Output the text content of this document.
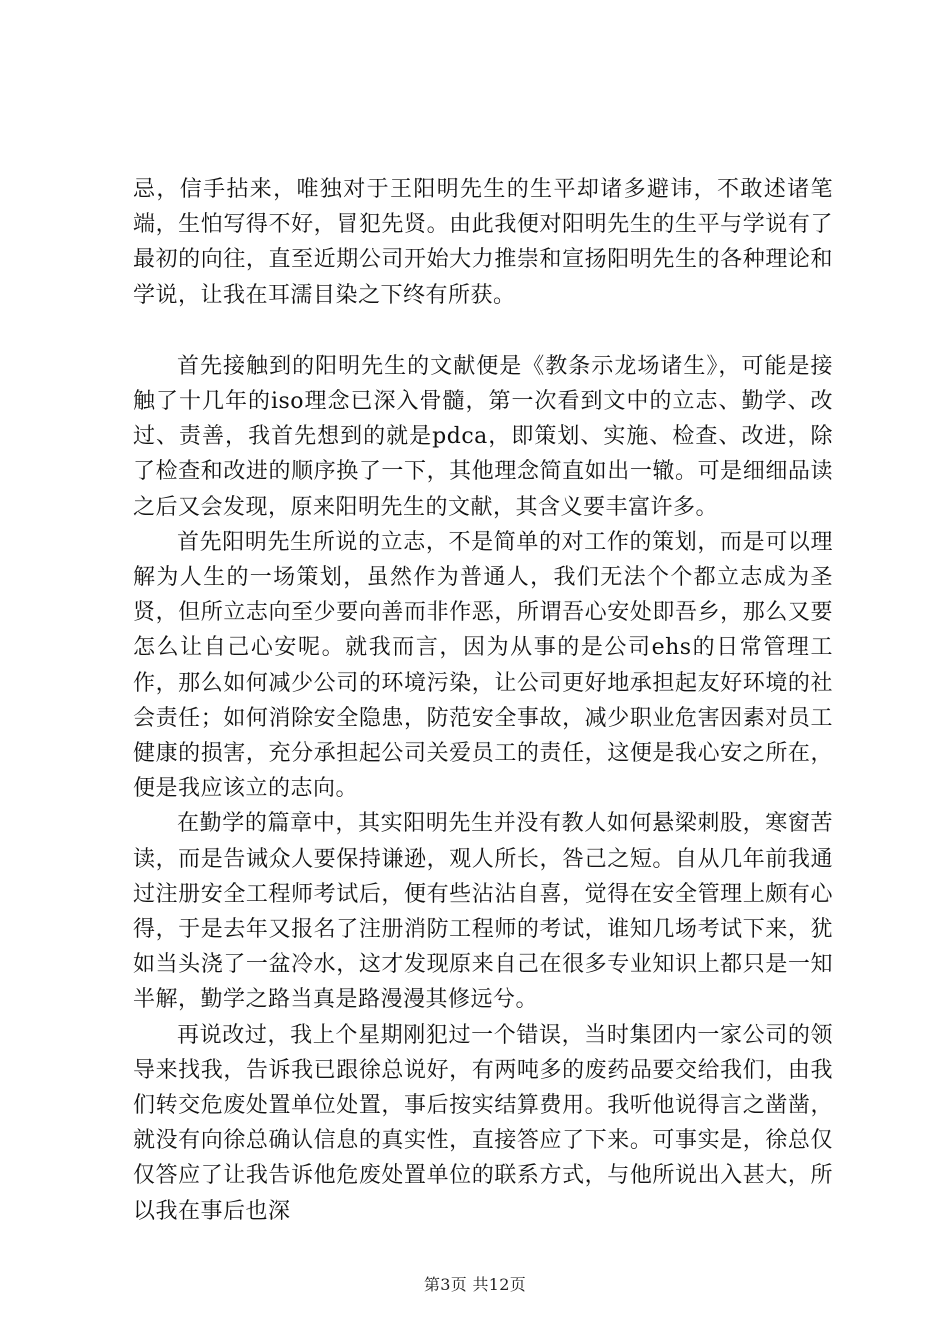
忌，信手拈来，唯独对于王阳明先生的生平却诸多避讳，不敢述诸笔端，生怕写得不好，冒犯先贤。由此我便对阳明先生的生平与学说有了最初的向往，直至近期公司开始大力推崇和宣扬阳明先生的各种理论和学说，让我在耳濡目染之下终有所获。

首先接触到的阳明先生的文献便是《教条示龙场诸生》，可能是接触了十几年的iso理念已深入骨髓，第一次看到文中的立志、勤学、改过、责善，我首先想到的就是pdca，即策划、实施、检查、改进，除了检查和改进的顺序换了一下，其他理念简直如出一辙。可是细细品读之后又会发现，原来阳明先生的文献，其含义要丰富许多。

首先阳明先生所说的立志，不是简单的对工作的策划，而是可以理解为人生的一场策划，虽然作为普通人，我们无法个个都立志成为圣贤，但所立志向至少要向善而非作恶，所谓吾心安处即吾乡，那么又要怎么让自己心安呢。就我而言，因为从事的是公司ehs的日常管理工作，那么如何减少公司的环境污染，让公司更好地承担起友好环境的社会责任；如何消除安全隐患，防范安全事故，减少职业危害因素对员工健康的损害，充分承担起公司关爱员工的责任，这便是我心安之所在，便是我应该立的志向。

在勤学的篇章中，其实阳明先生并没有教人如何悬梁刺股，寒窗苦读，而是告诫众人要保持谦逊，观人所长，咎己之短。自从几年前我通过注册安全工程师考试后，便有些沾沾自喜，觉得在安全管理上颇有心得，于是去年又报名了注册消防工程师的考试，谁知几场考试下来，犹如当头浇了一盆冷水，这才发现原来自己在很多专业知识上都只是一知半解，勤学之路当真是路漫漫其修远兮。

再说改过，我上个星期刚犯过一个错误，当时集团内一家公司的领导来找我，告诉我已跟徐总说好，有两吨多的废药品要交给我们，由我们转交危废处置单位处置，事后按实结算费用。我听他说得言之凿凿，就没有向徐总确认信息的真实性，直接答应了下来。可事实是，徐总仅仅答应了让我告诉他危废处置单位的联系方式，与他所说出入甚大，所以我在事后也深

第3页 共12页
